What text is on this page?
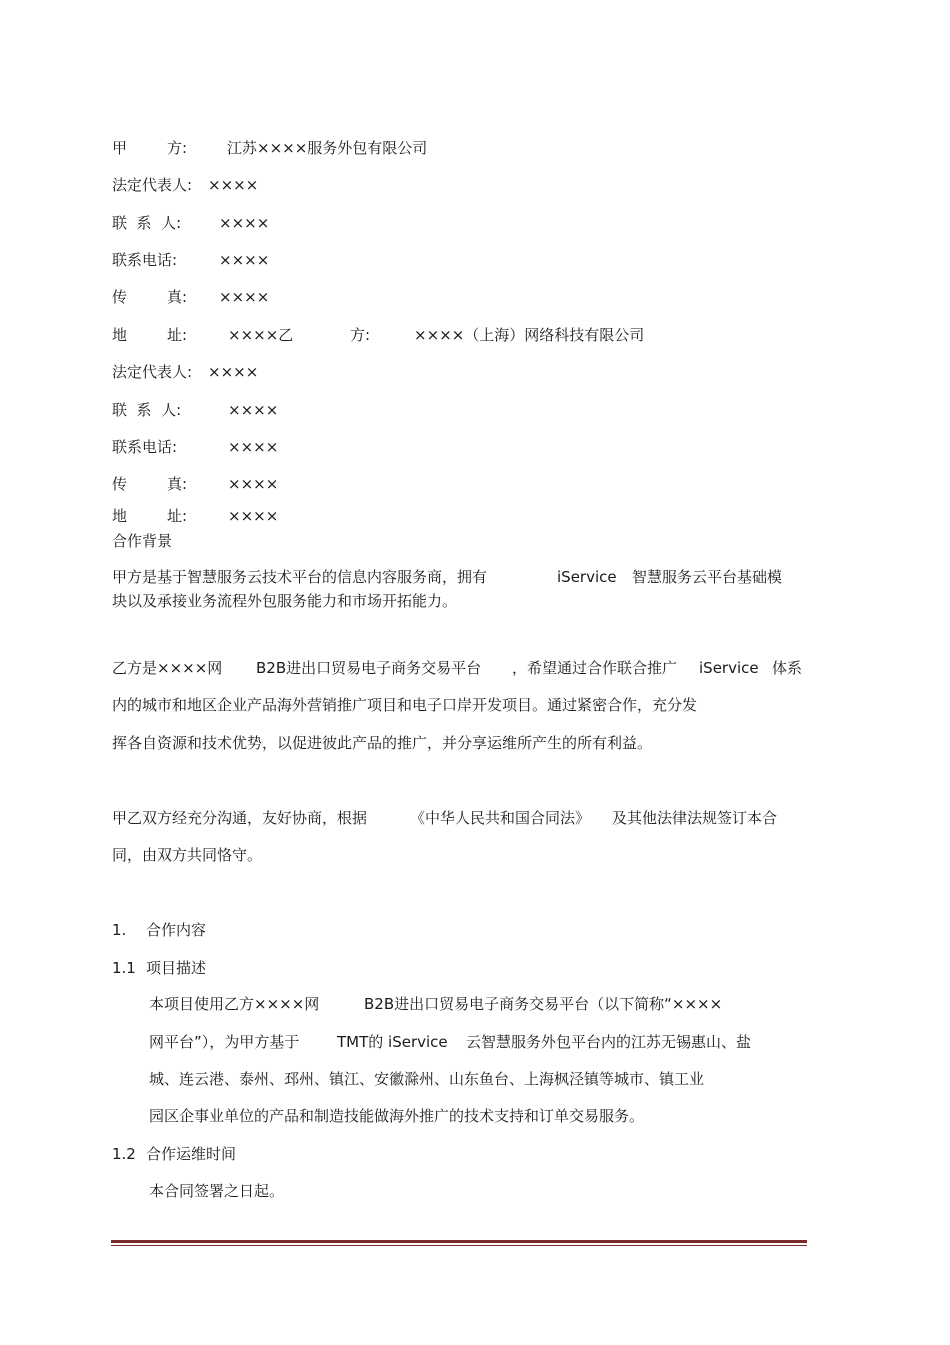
甲	方:	江苏××××服务外包有限公司
法定代表人: ××××
联  系  人:	××××
联系电话:	××××
传	真: ××××
地	址:	××××乙	方:	××××（上海）网络科技有限公司
法定代表人: ××××
联  系  人:	××××
联系电话:	××××
传	真:	××××
地	址:	××××
合作背景
甲方是基于智慧服务云技术平台的信息内容服务商，拥有	iService 智慧服务云平台基础模
块以及承接业务流程外包服务能力和市场开拓能力。
乙方是××××网 B2B进出口贸易电子商务交易平台 ，希望通过合作联合推广 iService 体系
内的城市和地区企业产品海外营销推广项目和电子口岸开发项目。通过紧密合作，充分发
挥各自资源和技术优势，以促进彼此产品的推广，并分享运维所产生的所有利益。
甲乙双方经充分沟通，友好协商，根据	《中华人民共和国合同法》 及其他法律法规签订本合
同，由双方共同恪守。
1. 合作内容
1.1 项目描述
本项目使用乙方××××网	B2B进出口贸易电子商务交易平台（以下简称“××××
网平台”），为甲方基于	TMT的 iService 云智慧服务外包平台内的江苏无锡惠山、盐
城、连云港、泰州、邳州、镇江、安徽滁州、山东鱼台、上海枫泾镇等城市、镇工业
园区企事业单位的产品和制造技能做海外推广的技术支持和订单交易服务。
1.2 合作运维时间
本合同签署之日起。
